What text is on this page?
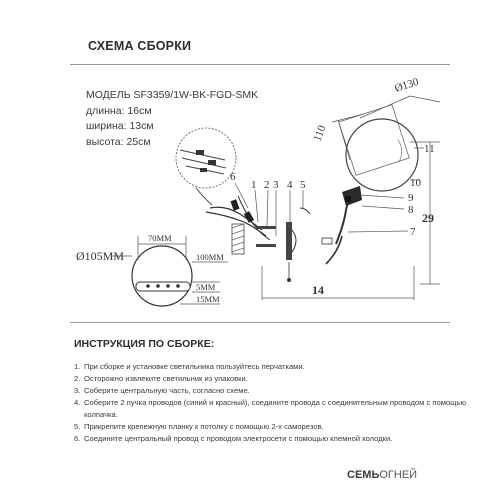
СХЕМА СБОРКИ
МОДЕЛЬ SF3359/1W-BK-FGD-SMK
длинна: 16см
ширина: 13см
высота: 25см
6
1 2 3 4 5
Ø130
110
11
10
9
8
7
29
14
Ø105MM
70MM
100MM
5MM
15MM
ИНСТРУКЦИЯ ПО СБОРКЕ:
1. При сборке и установке светильника пользуйтесь перчатками.
2. Осторожно извлеките светильник из упаковки.
3. Соберите центральную часть, согласно схеме.
4. Соберите 2 пучка проводов (синий и красный), соедините провода с соединительным проводом с помощью колпачка.
5. Прикрепите крепежную планку к потолку с помощью 2-х саморезов.
6. Соедините центральный провод с проводом электросети с помощью клемной колодки.
СЕМЬОГНЕЙ
